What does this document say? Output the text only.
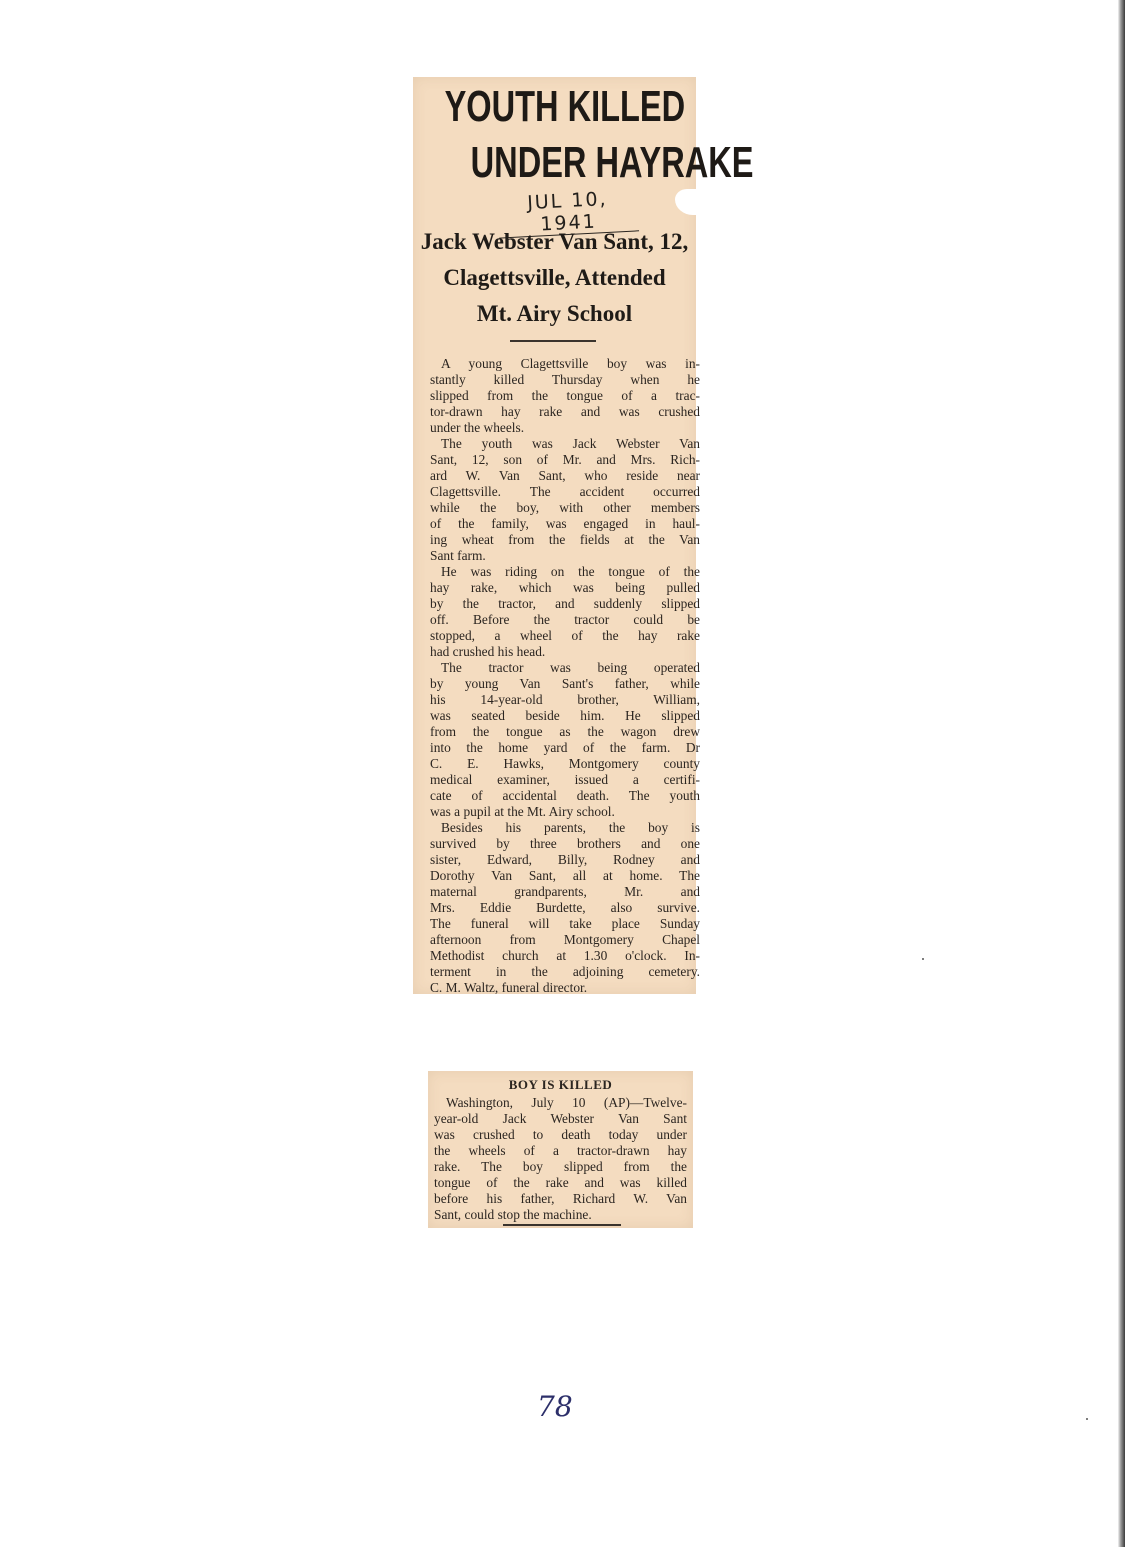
YOUTH KILLED
UNDER HAYRAKE
JUL 10, 1941
Jack Webster Van Sant, 12,
Clagettsville, Attended
Mt. Airy School
A young Clagettsville boy was in-
stantly killed Thursday when he
slipped from the tongue of a trac-
tor-drawn hay rake and was crushed
under the wheels.
The youth was Jack Webster Van
Sant, 12, son of Mr. and Mrs. Rich-
ard W. Van Sant, who reside near
Clagettsville. The accident occurred
while the boy, with other members
of the family, was engaged in haul-
ing wheat from the fields at the Van
Sant farm.
He was riding on the tongue of the
hay rake, which was being pulled
by the tractor, and suddenly slipped
off. Before the tractor could be
stopped, a wheel of the hay rake
had crushed his head.
The tractor was being operated
by young Van Sant's father, while
his 14-year-old brother, William,
was seated beside him. He slipped
from the tongue as the wagon drew
into the home yard of the farm. Dr
C. E. Hawks, Montgomery county
medical examiner, issued a certifi-
cate of accidental death. The youth
was a pupil at the Mt. Airy school.
Besides his parents, the boy is
survived by three brothers and one
sister, Edward, Billy, Rodney and
Dorothy Van Sant, all at home. The
maternal grandparents, Mr. and
Mrs. Eddie Burdette, also survive.
The funeral will take place Sunday
afternoon from Montgomery Chapel
Methodist church at 1.30 o'clock. In-
terment in the adjoining cemetery.
C. M. Waltz, funeral director.
BOY IS KILLED
Washington, July 10 (AP)—Twelve-
year-old Jack Webster Van Sant
was crushed to death today under
the wheels of a tractor-drawn hay
rake. The boy slipped from the
tongue of the rake and was killed
before his father, Richard W. Van
Sant, could stop the machine.
78
